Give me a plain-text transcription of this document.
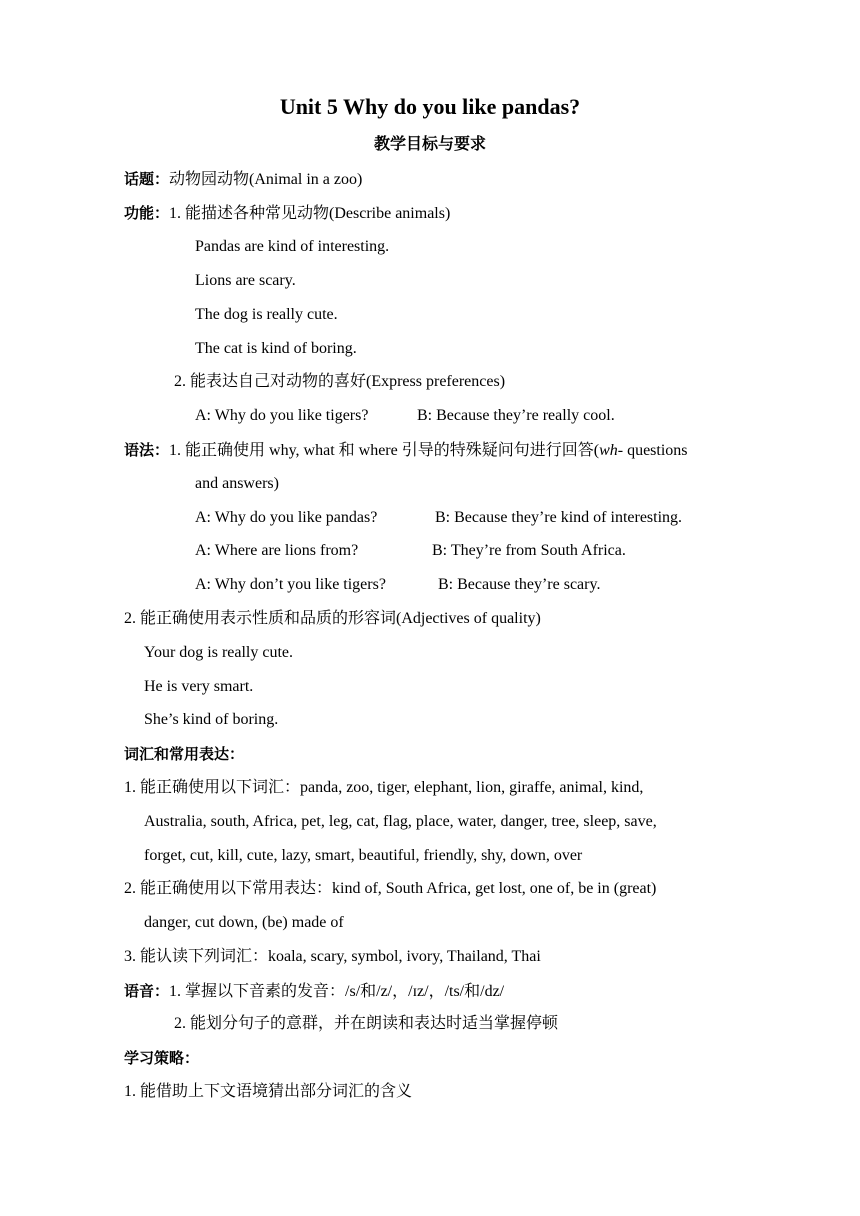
Unit 5 Why do you like pandas?
教学目标与要求
话题：动物园动物(Animal in a zoo)
功能：1. 能描述各种常见动物(Describe animals)
Pandas are kind of interesting.
Lions are scary.
The dog is really cute.
The cat is kind of boring.
2. 能表达自己对动物的喜好(Express preferences)
A: Why do you like tigers?	B: Because they’re really cool.
语法：1. 能正确使用 why, what 和 where 引导的特殊疑问句进行回答(wh- questions
and answers)
A: Why do you like pandas?	B: Because they’re kind of interesting.
A: Where are lions from?	B: They’re from South Africa.
A: Why don’t you like tigers?	B: Because they’re scary.
2. 能正确使用表示性质和品质的形容词(Adjectives of quality)
Your dog is really cute.
He is very smart.
She’s kind of boring.
词汇和常用表达：
1. 能正确使用以下词汇：panda, zoo, tiger, elephant, lion, giraffe, animal, kind,
Australia, south, Africa, pet, leg, cat, flag, place, water, danger, tree, sleep, save,
forget, cut, kill, cute, lazy, smart, beautiful, friendly, shy, down, over
2. 能正确使用以下常用表达：kind of, South Africa, get lost, one of, be in (great)
danger, cut down, (be) made of
3. 能认读下列词汇：koala, scary, symbol, ivory, Thailand, Thai
语音：1. 掌握以下音素的发音：/s/和/z/，/ɪz/，/ts/和/dz/
2. 能划分句子的意群，并在朗读和表达时适当掌握停顿
学习策略：
1. 能借助上下文语境猜出部分词汇的含义
